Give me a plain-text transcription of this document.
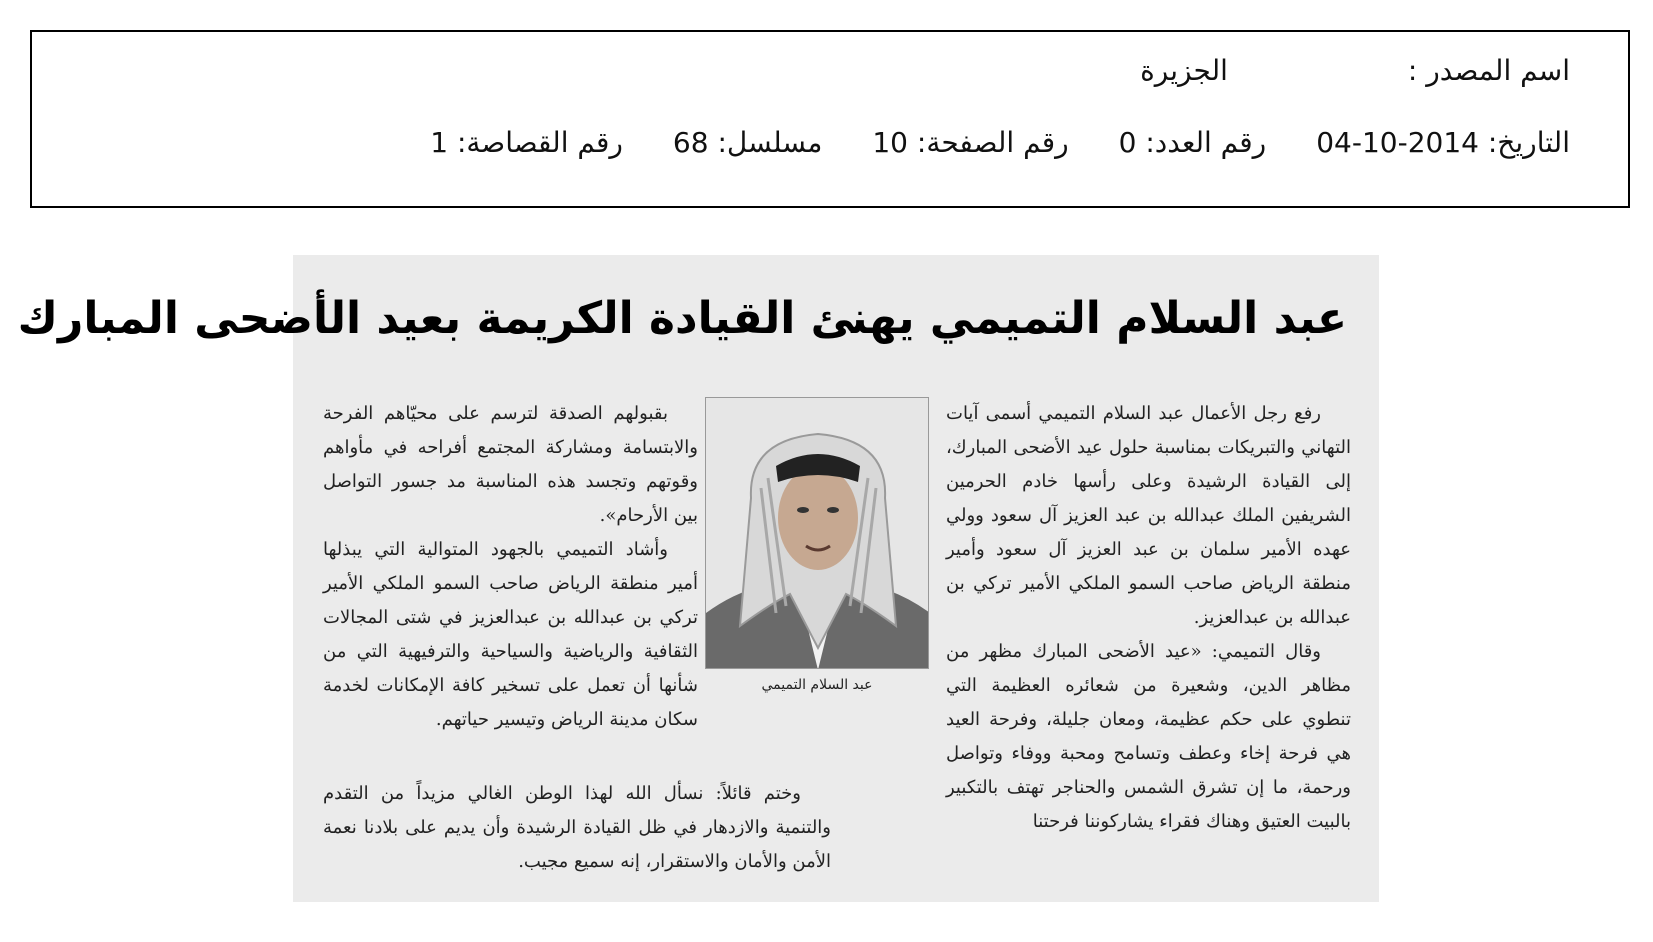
اسم المصدر :الجزيرة
التاريخ: 2014-10-04رقم العدد: 0رقم الصفحة: 10مسلسل: 68رقم القصاصة: 1
عبد السلام التميمي يهنئ القيادة الكريمة بعيد الأضحى المبارك

رفع رجل الأعمال عبد السلام التميمي أسمى آيات التهاني والتبريكات بمناسبة حلول عيد الأضحى المبارك، إلى القيادة الرشيدة وعلى رأسها خادم الحرمين الشريفين الملك عبدالله بن عبد العزيز آل سعود وولي عهده الأمير سلمان بن عبد العزيز آل سعود وأمير منطقة الرياض صاحب السمو الملكي الأمير تركي بن عبدالله بن عبدالعزيز.

وقال التميمي: «عيد الأضحى المبارك مظهر من مظاهر الدين، وشعيرة من شعائره العظيمة التي تنطوي على حكم عظيمة، ومعان جليلة، وفرحة العيد هي فرحة إخاء وعطف وتسامح ومحبة ووفاء وتواصل ورحمة، ما إن تشرق الشمس والحناجر تهتف بالتكبير بالبيت العتيق وهناك فقراء يشاركوننا فرحتنا

عبد السلام التميمي

بقبولهم الصدقة لترسم على محيّاهم الفرحة والابتسامة ومشاركة المجتمع أفراحه في مأواهم وقوتهم وتجسد هذه المناسبة مد جسور التواصل بين الأرحام».

وأشاد التميمي بالجهود المتوالية التي يبذلها أمير منطقة الرياض صاحب السمو الملكي الأمير تركي بن عبدالله بن عبدالعزيز في شتى المجالات الثقافية والرياضية والسياحية والترفيهية التي من شأنها أن تعمل على تسخير كافة الإمكانات لخدمة سكان مدينة الرياض وتيسير حياتهم.

وختم قائلاً: نسأل الله لهذا الوطن الغالي مزيداً من التقدم والتنمية والازدهار في ظل القيادة الرشيدة وأن يديم على بلادنا نعمة الأمن والأمان والاستقرار، إنه سميع مجيب.
